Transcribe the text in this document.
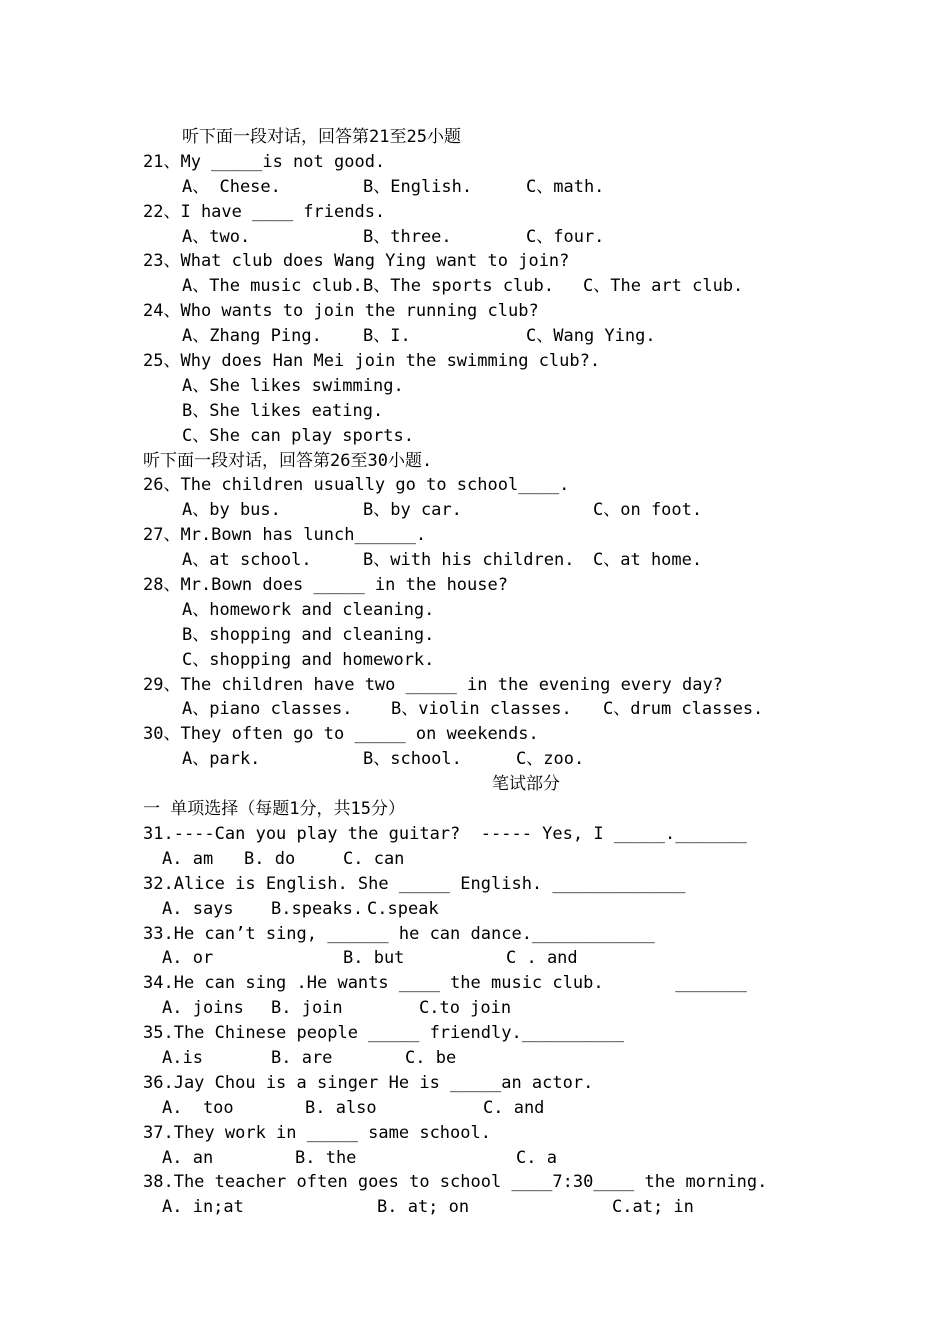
听下面一段对话，回答第21至25小题
21、My _____is not good.

A、 Chese.

	B、English.

	C、math.

22、I have ____ friends.

A、two.

	B、three.

	C、four.

23、What club does Wang Ying want to join?

A、The music club.

B、The sports club.

C、The art club.

24、Who wants to join the running club?

A、Zhang Ping.

B、I.

	C、Wang Ying.

25、Why does Han Mei join the swimming club?.
A、She likes swimming.
B、She likes eating.
C、She can play sports.
听下面一段对话，回答第26至30小题.
26、The children usually go to school____.

A、by bus.

	B、by car.

	C、on foot.

27、Mr.Bown has lunch______.

A、at school.

	B、with his children.

C、at home.

28、Mr.Bown does _____ in the house?
A、homework and cleaning.
B、shopping and cleaning.
C、shopping and homework.
29、The children have two _____ in the evening every day?

A、piano classes.

B、violin classes.

C、drum classes.

30、They often go to _____ on weekends.

A、park.

	B、school.

	C、zoo.

笔试部分

一 单项选择（每题1分，共15分）
31.----Can you play the guitar?  ----- Yes, I _____._______

A. am

B. do

	C. can

32.Alice is English. She _____ English. _____________

A. says

B.speaks.

C.speak

33.He can’t sing, ______ he can dance.____________

A. or

	B. but

	C . and

34.He can sing .He wants ____ the music club.       _______

A. joins

B. join

	C.to join

35.The Chinese people _____ friendly.__________

A.is

	B. are

	C. be

36.Jay Chou is a singer He is _____an actor.

A.  too

	B. also

	C. and

37.They work in _____ same school.

A. an

	B. the

	C. a

38.The teacher often goes to school ____7:30____ the morning.

A. in;at

	B. at; on

	C.at; in
